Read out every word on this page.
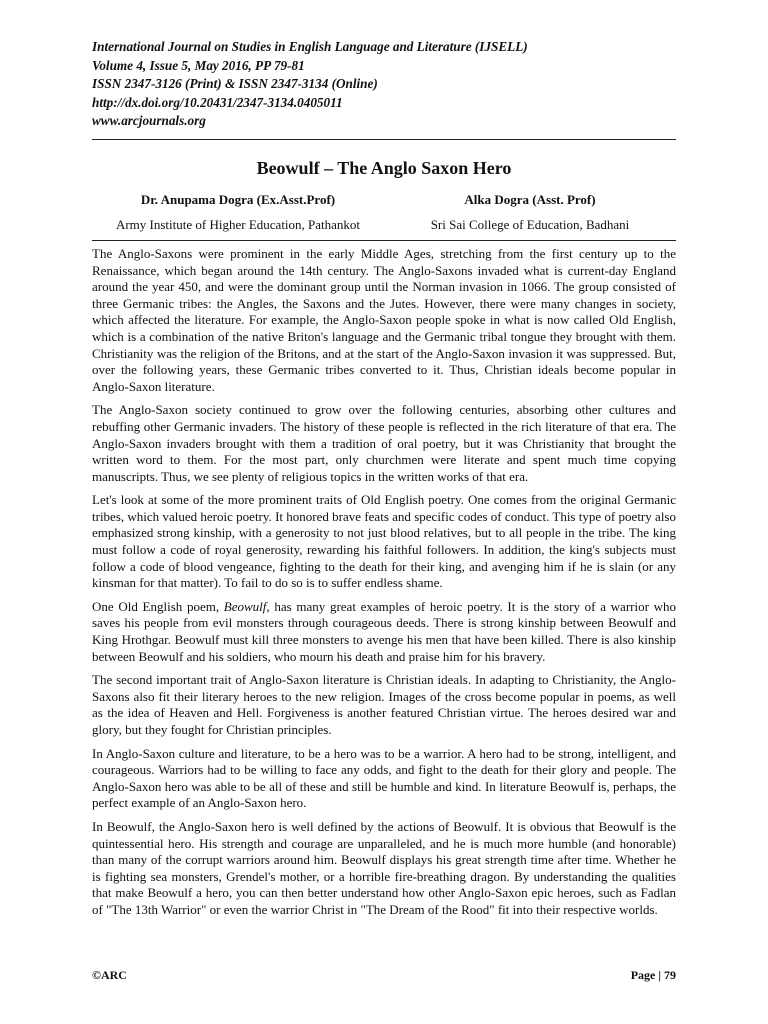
International Journal on Studies in English Language and Literature (IJSELL)
Volume 4, Issue 5, May 2016, PP 79-81
ISSN 2347-3126 (Print) & ISSN 2347-3134 (Online)
http://dx.doi.org/10.20431/2347-3134.0405011
www.arcjournals.org
Beowulf – The Anglo Saxon Hero
Dr. Anupama Dogra (Ex.Asst.Prof)
Army Institute of Higher Education, Pathankot
Alka Dogra (Asst. Prof)
Sri Sai College of Education, Badhani

The Anglo-Saxons were prominent in the early Middle Ages, stretching from the first century up to the Renaissance, which began around the 14th century. The Anglo-Saxons invaded what is current-day England around the year 450, and were the dominant group until the Norman invasion in 1066. The group consisted of three Germanic tribes: the Angles, the Saxons and the Jutes. However, there were many changes in society, which affected the literature. For example, the Anglo-Saxon people spoke in what is now called Old English, which is a combination of the native Briton's language and the Germanic tribal tongue they brought with them. Christianity was the religion of the Britons, and at the start of the Anglo-Saxon invasion it was suppressed. But, over the following years, these Germanic tribes converted to it. Thus, Christian ideals become popular in Anglo-Saxon literature.

The Anglo-Saxon society continued to grow over the following centuries, absorbing other cultures and rebuffing other Germanic invaders. The history of these people is reflected in the rich literature of that era. The Anglo-Saxon invaders brought with them a tradition of oral poetry, but it was Christianity that brought the written word to them. For the most part, only churchmen were literate and spent much time copying manuscripts. Thus, we see plenty of religious topics in the written works of that era.

Let's look at some of the more prominent traits of Old English poetry. One comes from the original Germanic tribes, which valued heroic poetry. It honored brave feats and specific codes of conduct. This type of poetry also emphasized strong kinship, with a generosity to not just blood relatives, but to all people in the tribe. The king must follow a code of royal generosity, rewarding his faithful followers. In addition, the king's subjects must follow a code of blood vengeance, fighting to the death for their king, and avenging him if he is slain (or any kinsman for that matter). To fail to do so is to suffer endless shame.

One Old English poem, Beowulf, has many great examples of heroic poetry. It is the story of a warrior who saves his people from evil monsters through courageous deeds. There is strong kinship between Beowulf and King Hrothgar. Beowulf must kill three monsters to avenge his men that have been killed. There is also kinship between Beowulf and his soldiers, who mourn his death and praise him for his bravery.

The second important trait of Anglo-Saxon literature is Christian ideals. In adapting to Christianity, the Anglo-Saxons also fit their literary heroes to the new religion. Images of the cross become popular in poems, as well as the idea of Heaven and Hell. Forgiveness is another featured Christian virtue. The heroes desired war and glory, but they fought for Christian principles.

In Anglo-Saxon culture and literature, to be a hero was to be a warrior. A hero had to be strong, intelligent, and courageous. Warriors had to be willing to face any odds, and fight to the death for their glory and people. The Anglo-Saxon hero was able to be all of these and still be humble and kind. In literature Beowulf is, perhaps, the perfect example of an Anglo-Saxon hero.

In Beowulf, the Anglo-Saxon hero is well defined by the actions of Beowulf. It is obvious that Beowulf is the quintessential hero. His strength and courage are unparalleled, and he is much more humble (and honorable) than many of the corrupt warriors around him. Beowulf displays his great strength time after time. Whether he is fighting sea monsters, Grendel's mother, or a horrible fire-breathing dragon. By understanding the qualities that make Beowulf a hero, you can then better understand how other Anglo-Saxon epic heroes, such as Fadlan of "The 13th Warrior" or even the warrior Christ in "The Dream of the Rood" fit into their respective worlds.

©ARC	Page | 79
